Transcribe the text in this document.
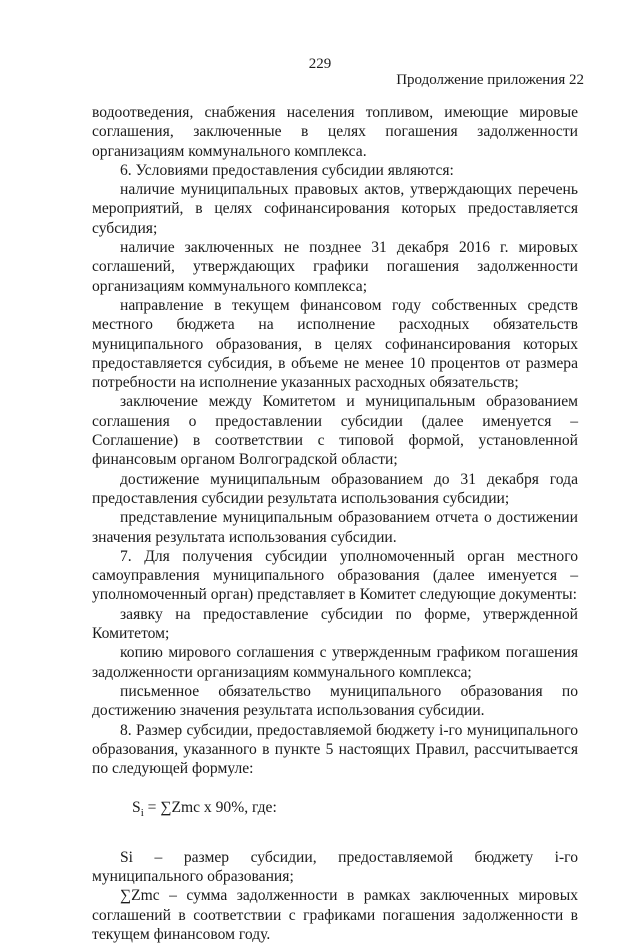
229
Продолжение приложения 22

водоотведения, снабжения населения топливом, имеющие мировые соглашения, заключенные в целях погашения задолженности организациям коммунального комплекса.

6. Условиями предоставления субсидии являются:

наличие муниципальных правовых актов, утверждающих перечень мероприятий, в целях софинансирования которых предоставляется субсидия;

наличие заключенных не позднее 31 декабря 2016 г. мировых соглашений, утверждающих графики погашения задолженности организациям коммунального комплекса;

направление в текущем финансовом году собственных средств местного бюджета на исполнение расходных обязательств муниципального образования, в целях софинансирования которых предоставляется субсидия, в объеме не менее 10 процентов от размера потребности на исполнение указанных расходных обязательств;

заключение между Комитетом и муниципальным образованием соглашения о предоставлении субсидии (далее именуется – Соглашение) в соответствии с типовой формой, установленной финансовым органом Волгоградской области;

достижение муниципальным образованием до 31 декабря года предоставления субсидии результата использования субсидии;

представление муниципальным образованием отчета о достижении значения результата использования субсидии.

7. Для получения субсидии уполномоченный орган местного самоуправления муниципального образования (далее именуется – уполномоченный орган) представляет в Комитет следующие документы:

заявку на предоставление субсидии по форме, утвержденной Комитетом;

копию мирового соглашения с утвержденным графиком погашения задолженности организациям коммунального комплекса;

письменное обязательство муниципального образования по достижению значения результата использования субсидии.

8. Размер субсидии, предоставляемой бюджету i-го муниципального образования, указанного в пункте 5 настоящих Правил, рассчитывается по следующей формуле:

$S_i = \sum Zmc$ x 90%, где:

Si – размер субсидии, предоставляемой бюджету i-го муниципального образования;

∑Zmc – сумма задолженности в рамках заключенных мировых соглашений в соответствии с графиками погашения задолженности в текущем финансовом году.
